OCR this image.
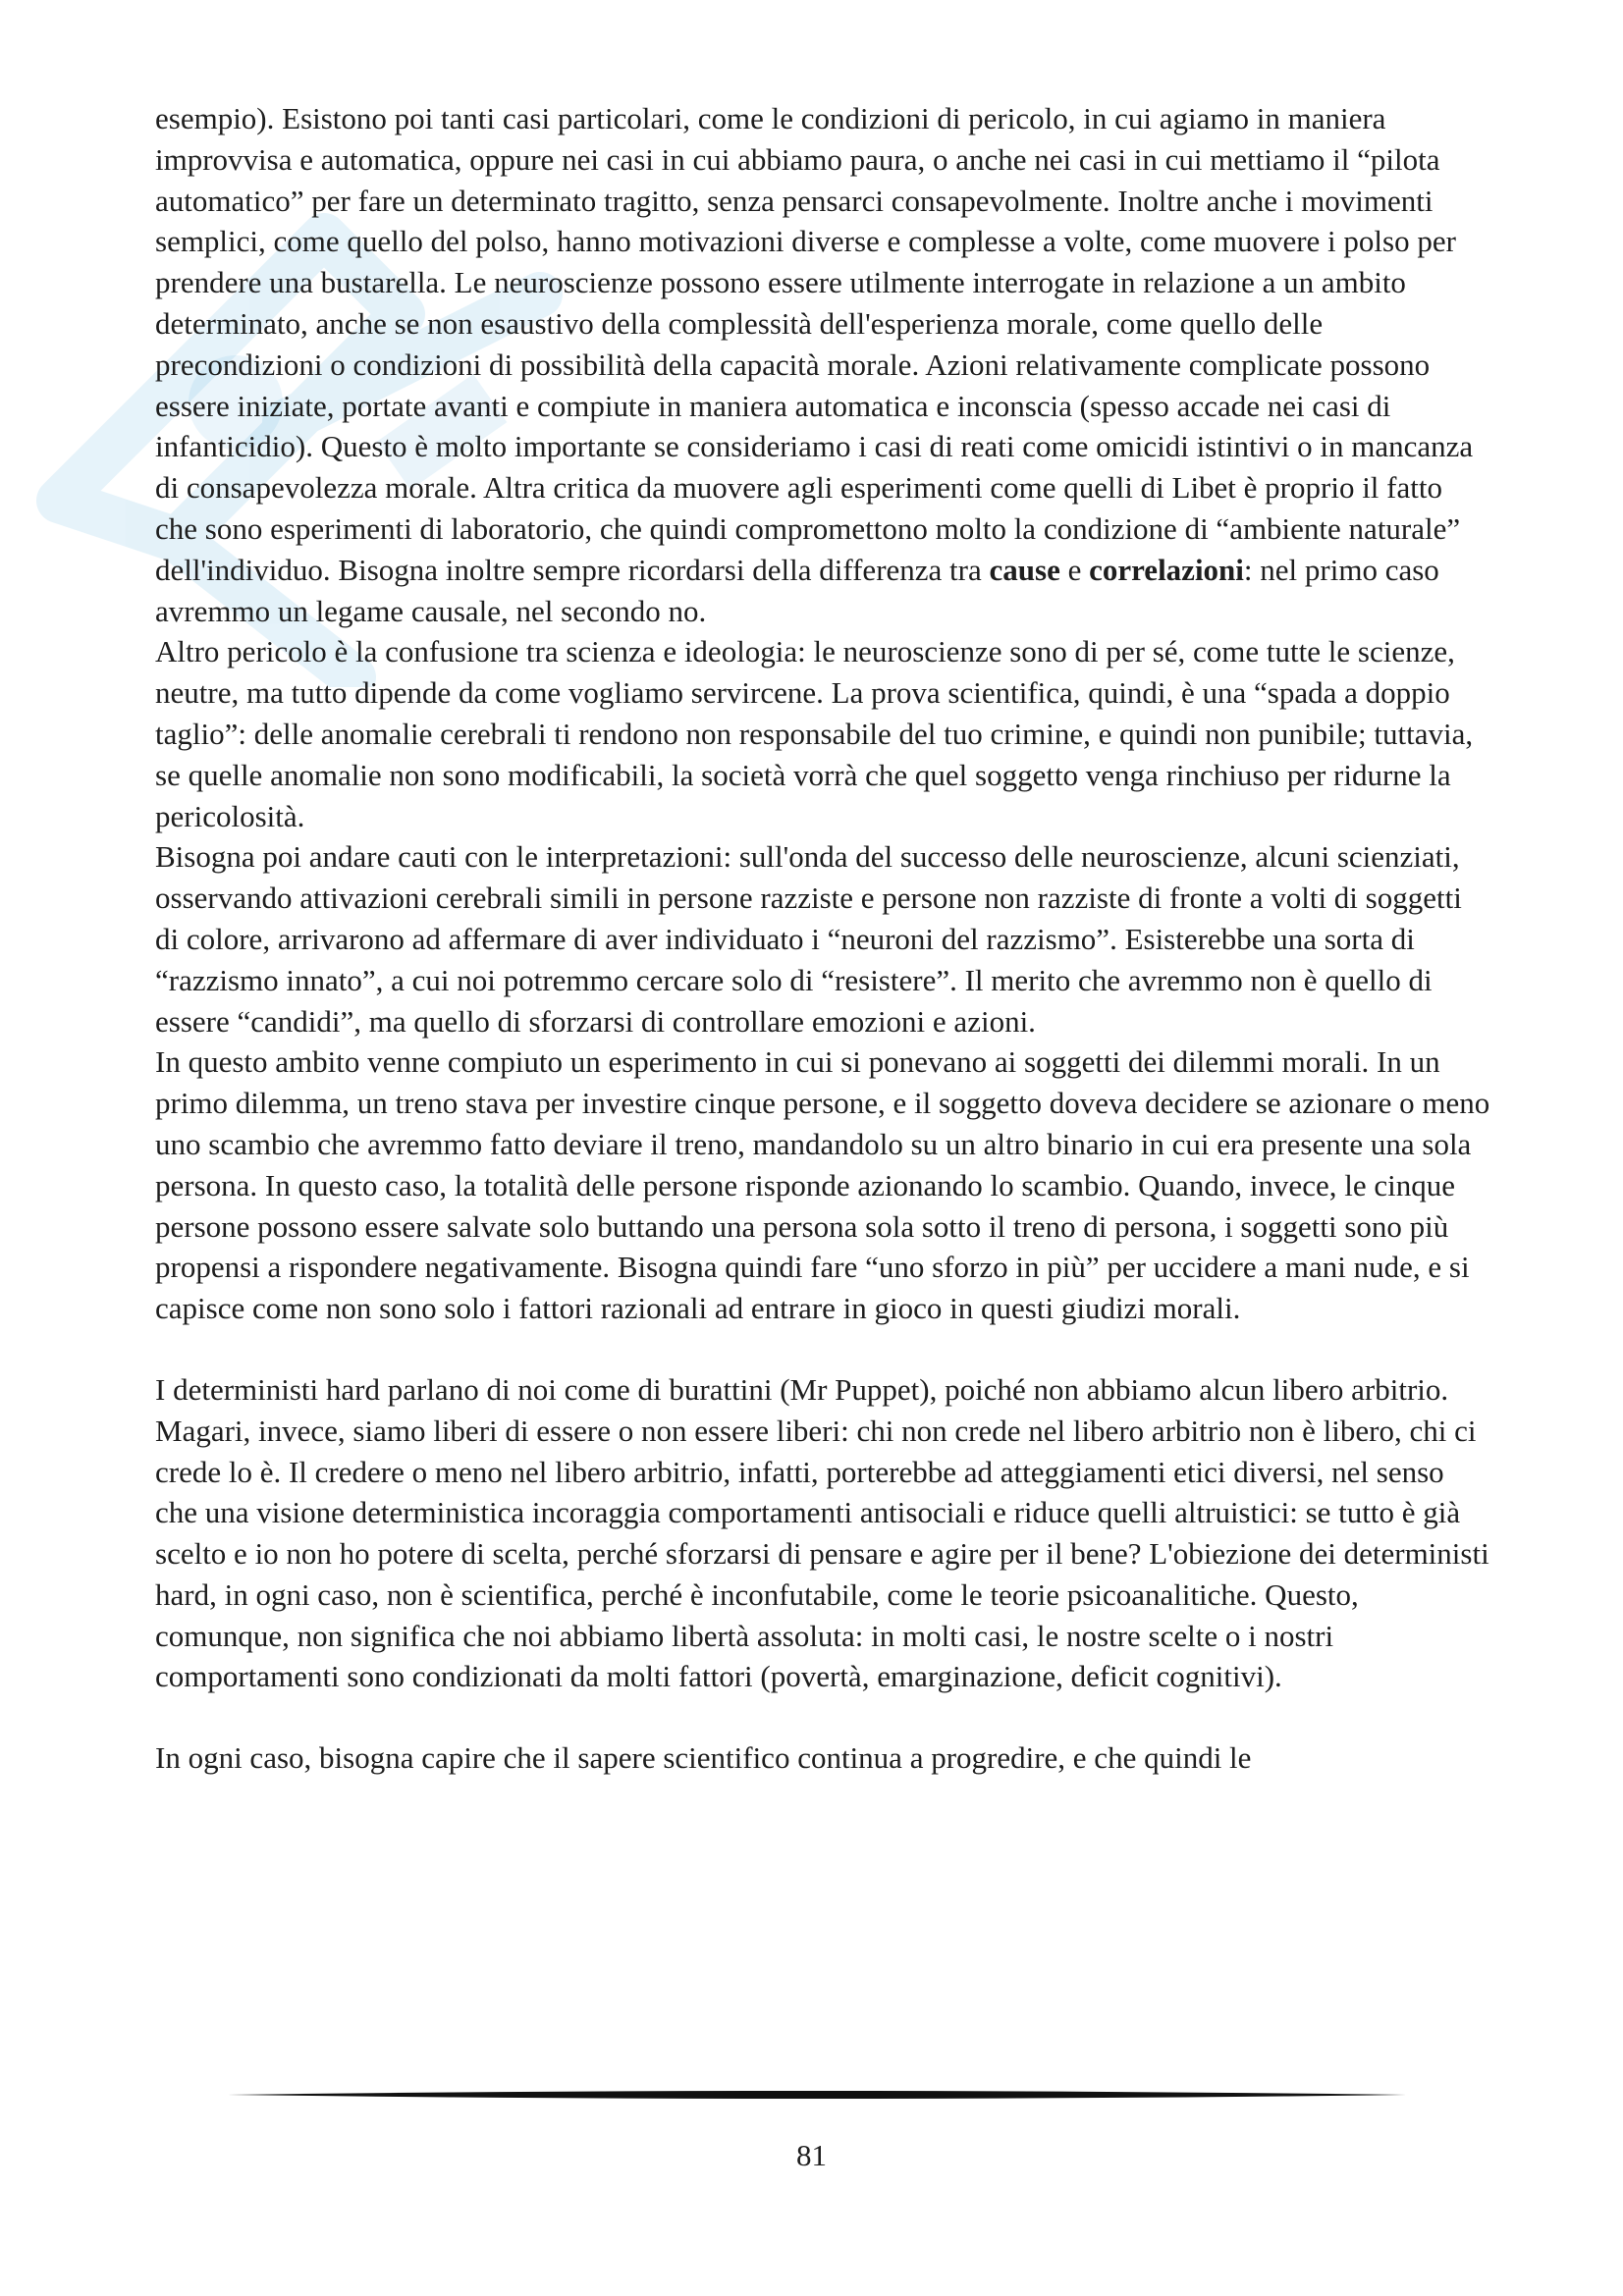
esempio). Esistono poi tanti casi particolari, come le condizioni di pericolo, in cui agiamo in maniera improvvisa e automatica, oppure nei casi in cui abbiamo paura, o anche nei casi in cui mettiamo il “pilota automatico” per fare un determinato tragitto, senza pensarci consapevolmente. Inoltre anche i movimenti semplici, come quello del polso, hanno motivazioni diverse e complesse a volte, come muovere i polso per prendere una bustarella. Le neuroscienze possono essere utilmente interrogate in relazione a un ambito determinato, anche se non esaustivo della complessità dell'esperienza morale, come quello delle precondizioni o condizioni di possibilità della capacità morale. Azioni relativamente complicate possono essere iniziate, portate avanti e compiute in maniera automatica e inconscia (spesso accade nei casi di infanticidio). Questo è molto importante se consideriamo i casi di reati come omicidi istintivi o in mancanza di consapevolezza morale. Altra critica da muovere agli esperimenti come quelli di Libet è proprio il fatto che sono esperimenti di laboratorio, che quindi compromettono molto la condizione di “ambiente naturale” dell'individuo. Bisogna inoltre sempre ricordarsi della differenza tra cause e correlazioni: nel primo caso avremmo un legame causale, nel secondo no.

Altro pericolo è la confusione tra scienza e ideologia: le neuroscienze sono di per sé, come tutte le scienze, neutre, ma tutto dipende da come vogliamo servircene. La prova scientifica, quindi, è una “spada a doppio taglio”: delle anomalie cerebrali ti rendono non responsabile del tuo crimine, e quindi non punibile; tuttavia, se quelle anomalie non sono modificabili, la società vorrà che quel soggetto venga rinchiuso per ridurne la pericolosità.

Bisogna poi andare cauti con le interpretazioni: sull'onda del successo delle neuroscienze, alcuni scienziati, osservando attivazioni cerebrali simili in persone razziste e persone non razziste di fronte a volti di soggetti di colore, arrivarono ad affermare di aver individuato i “neuroni del razzismo”. Esisterebbe una sorta di “razzismo innato”, a cui noi potremmo cercare solo di “resistere”. Il merito che avremmo non è quello di essere “candidi”, ma quello di sforzarsi di controllare emozioni e azioni.

In questo ambito venne compiuto un esperimento in cui si ponevano ai soggetti dei dilemmi morali. In un primo dilemma, un treno stava per investire cinque persone, e il soggetto doveva decidere se azionare o meno uno scambio che avremmo fatto deviare il treno, mandandolo su un altro binario in cui era presente una sola persona. In questo caso, la totalità delle persone risponde azionando lo scambio. Quando, invece, le cinque persone possono essere salvate solo buttando una persona sola sotto il treno di persona, i soggetti sono più propensi a rispondere negativamente. Bisogna quindi fare “uno sforzo in più” per uccidere a mani nude, e si capisce come non sono solo i fattori razionali ad entrare in gioco in questi giudizi morali.

I deterministi hard parlano di noi come di burattini (Mr Puppet), poiché non abbiamo alcun libero arbitrio. Magari, invece, siamo liberi di essere o non essere liberi: chi non crede nel libero arbitrio non è libero, chi ci crede lo è. Il credere o meno nel libero arbitrio, infatti, porterebbe ad atteggiamenti etici diversi, nel senso che una visione deterministica incoraggia comportamenti antisociali e riduce quelli altruistici: se tutto è già scelto e io non ho potere di scelta, perché sforzarsi di pensare e agire per il bene? L'obiezione dei deterministi hard, in ogni caso, non è scientifica, perché è inconfutabile, come le teorie psicoanalitiche. Questo, comunque, non significa che noi abbiamo libertà assoluta: in molti casi, le nostre scelte o i nostri comportamenti sono condizionati da molti fattori (povertà, emarginazione, deficit cognitivi).

In ogni caso, bisogna capire che il sapere scientifico continua a progredire, e che quindi le

81
